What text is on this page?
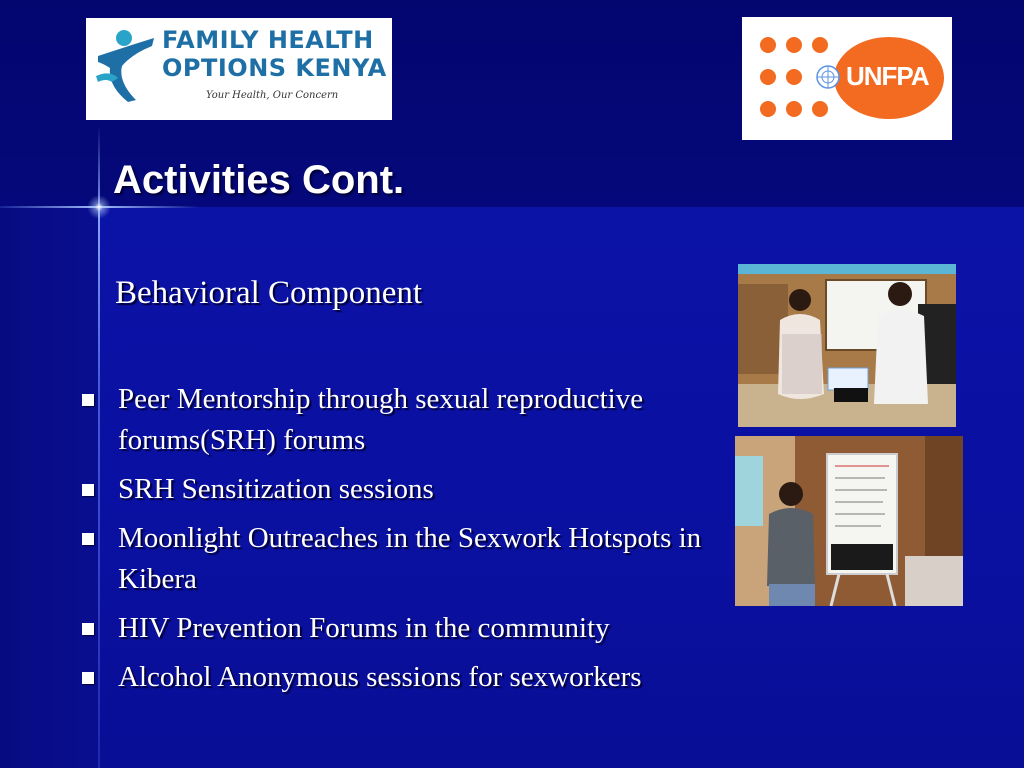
FAMILY HEALTH
OPTIONS KENYA
Your Health, Our Concern
UNFPA
Activities Cont.
Behavioral Component
Peer Mentorship through sexual reproductive forums(SRH) forums
SRH Sensitization sessions
Moonlight Outreaches in the Sexwork Hotspots in Kibera
HIV Prevention Forums in the community
Alcohol Anonymous sessions for sexworkers
